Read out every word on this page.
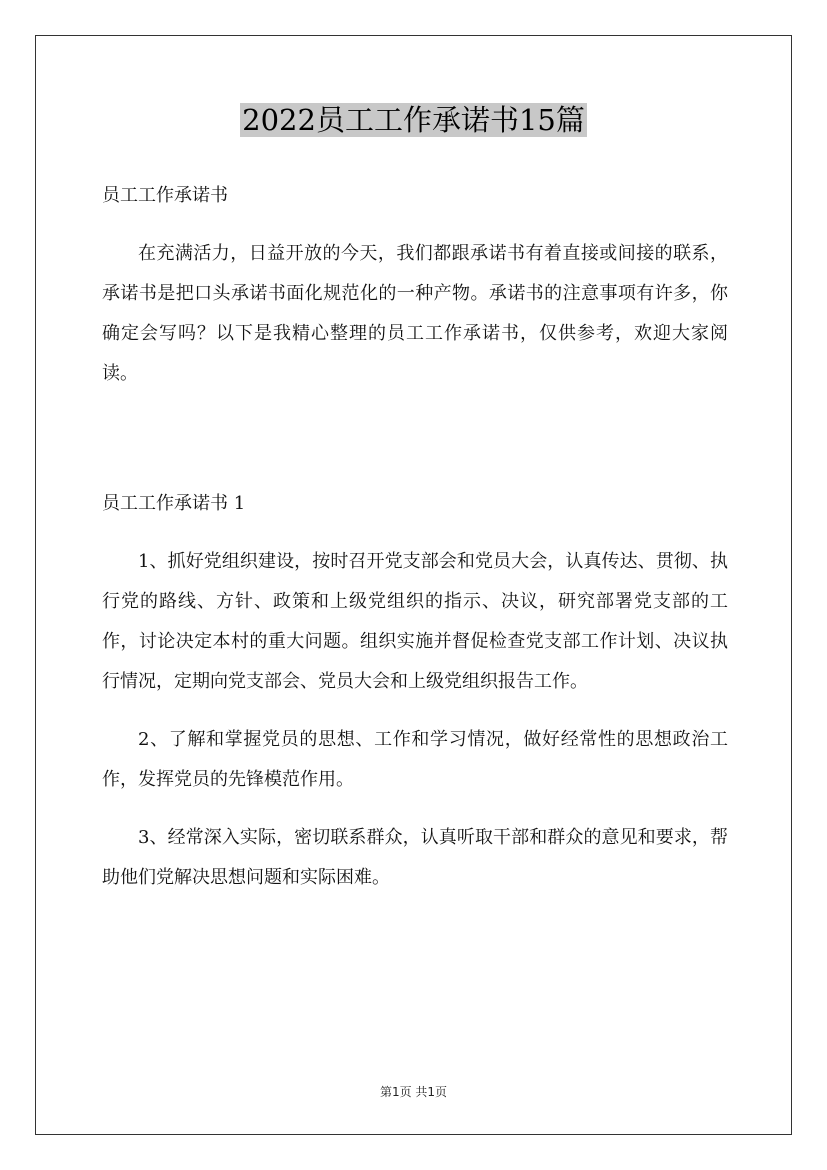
2022员工工作承诺书15篇

员工工作承诺书

在充满活力，日益开放的今天，我们都跟承诺书有着直接或间接的联系，承诺书是把口头承诺书面化规范化的一种产物。承诺书的注意事项有许多，你确定会写吗？以下是我精心整理的员工工作承诺书，仅供参考，欢迎大家阅读。

员工工作承诺书 1

1、抓好党组织建设，按时召开党支部会和党员大会，认真传达、贯彻、执行党的路线、方针、政策和上级党组织的指示、决议，研究部署党支部的工作，讨论决定本村的重大问题。组织实施并督促检查党支部工作计划、决议执行情况，定期向党支部会、党员大会和上级党组织报告工作。

2、了解和掌握党员的思想、工作和学习情况，做好经常性的思想政治工作，发挥党员的先锋模范作用。

3、经常深入实际，密切联系群众，认真听取干部和群众的意见和要求，帮助他们党解决思想问题和实际困难。

第1页 共1页
